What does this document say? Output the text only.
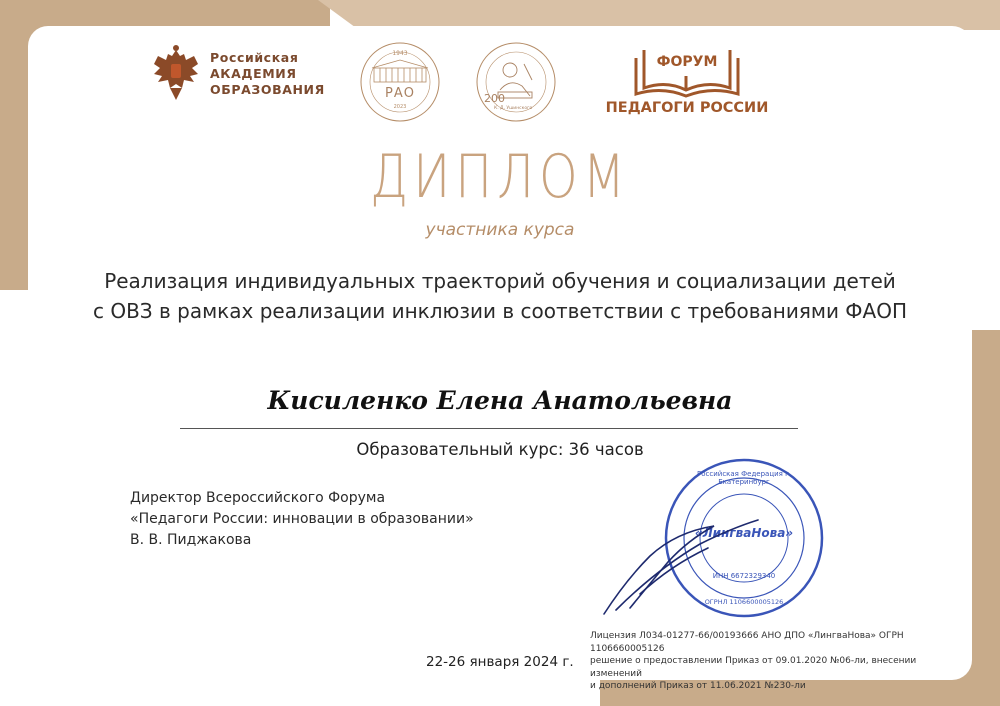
Российская
АКАДЕМИЯ
ОБРАЗОВАНИЯ
1943
РАО
2023
200
К. Д. Ушинского
ФОРУМ
ПЕДАГОГИ РОССИИ
ДИПЛОМ
участника курса
Реализация индивидуальных траекторий обучения и социализации детей
с ОВЗ в рамках реализации инклюзии в соответствии с требованиями ФАОП
Кисиленко Елена Анатольевна
Образовательный курс: 36 часов
Директор Всероссийского Форума
«Педагоги России: инновации в образовании»
В. В. Пиджакова
Российская Федерация г. Екатеринбург
«ЛингваНова»
ИНН 6672329340
ОГРНЛ 1106600005126
Лицензия Л034-01277-66/00193666 АНО ДПО «ЛингваНова» ОГРН 1106660005126
решение о предоставлении Приказ от 09.01.2020 №06-ли, внесении изменений
и дополнений Приказ от 11.06.2021 №230-ли
22-26 января 2024 г.
